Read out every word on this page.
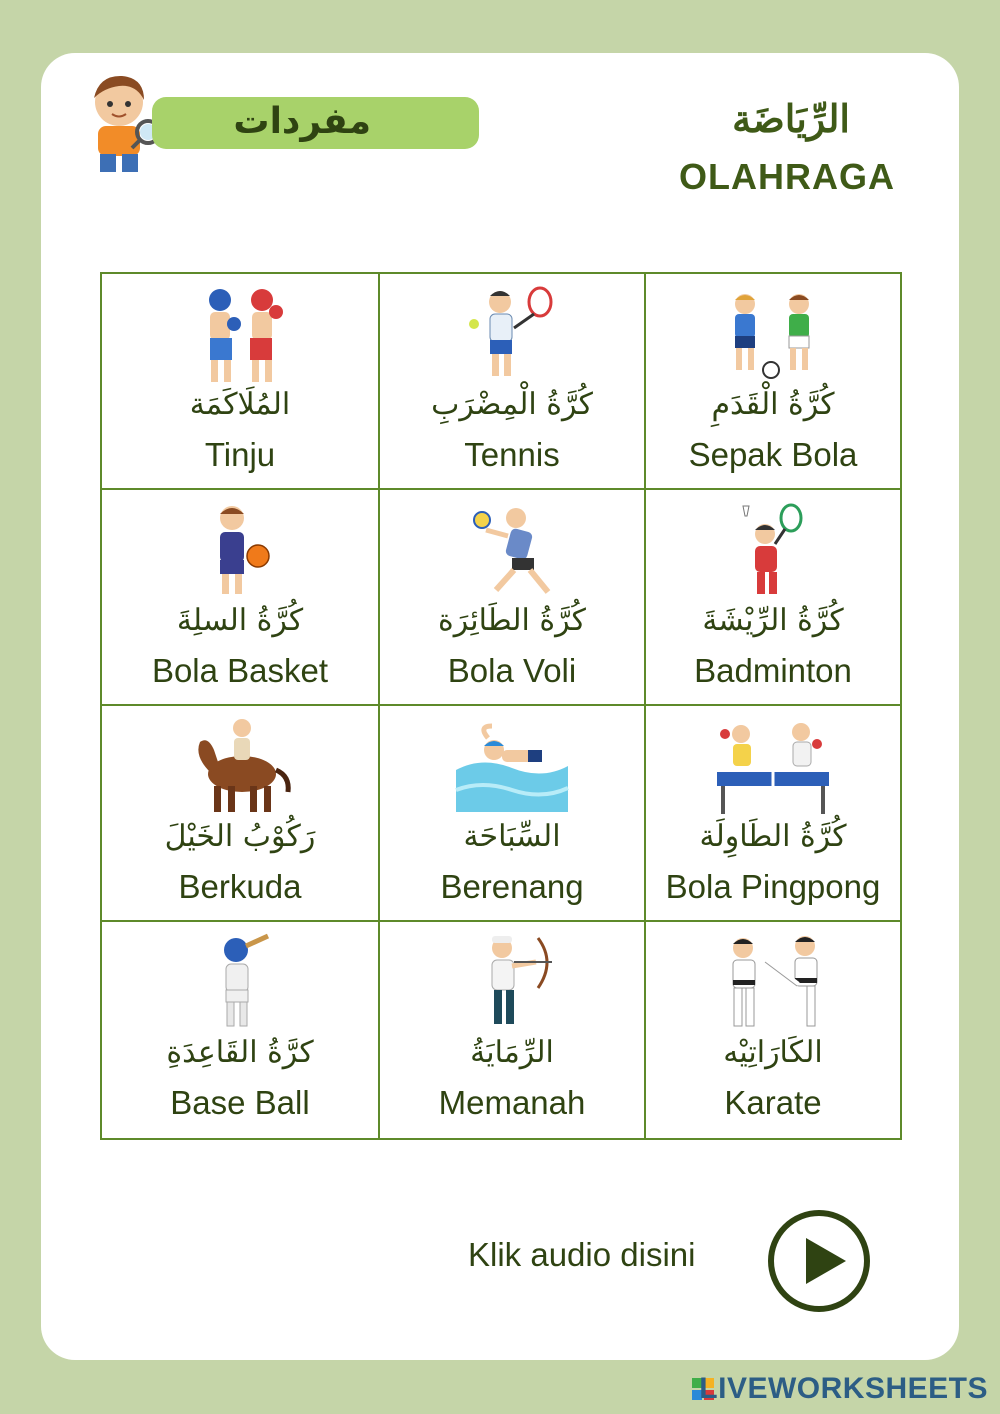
مفردات	الرِّيَاضَة
OLAHRAGA
المُلَاكَمَة
Tinju
كُرَّةُ الْمِضْرَبِ
Tennis
كُرَّةُ الْقَدَمِ
Sepak Bola
كُرَّةُ السلِةَ
Bola Basket
كُرَّةُ الطَائِرَة
Bola Voli
كُرَّةُ الرِّيْشَةَ
Badminton
رَكُوْبُ الخَيْلَ
Berkuda
السِّبَاحَة
Berenang
كُرَّةُ الطَاوِلَة
Bola Pingpong
كرَّةُ القَاعِدَةِ
Base Ball
الرِّمَايَةُ
Memanah
الكَارَاتِيْه
Karate
Klik audio disini
LIVEWORKSHEETS
